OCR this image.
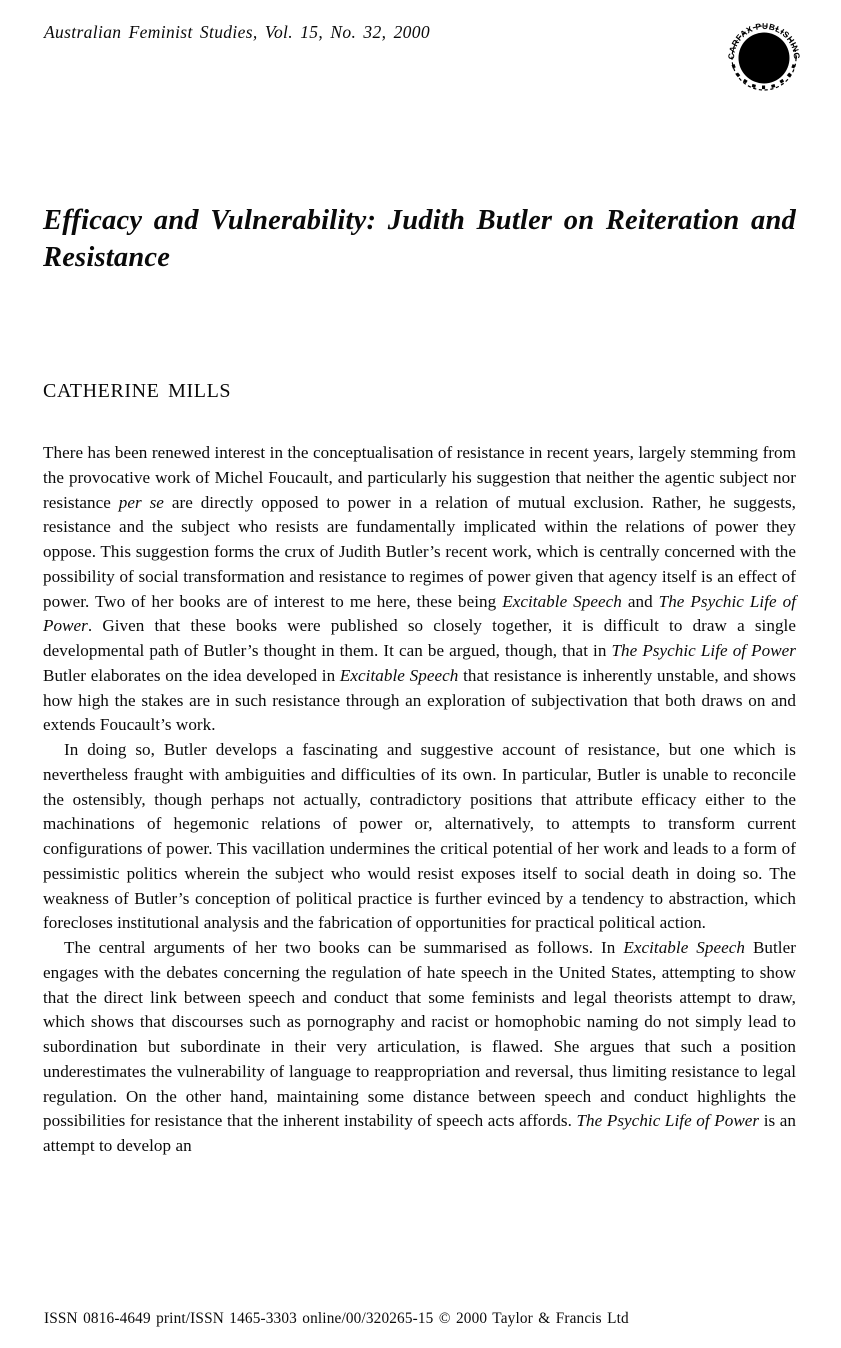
Australian Feminist Studies, Vol. 15, No. 32, 2000
CARFAX PUBLISHING
Efficacy and Vulnerability: Judith Butler on Reiteration and
Resistance
CATHERINE MILLS

There has been renewed interest in the conceptualisation of resistance in recent years, largely stemming from the provocative work of Michel Foucault, and particularly his suggestion that neither the agentic subject nor resistance per se are directly opposed to power in a relation of mutual exclusion. Rather, he suggests, resistance and the subject who resists are fundamentally implicated within the relations of power they oppose. This suggestion forms the crux of Judith Butler’s recent work, which is centrally concerned with the possibility of social transformation and resistance to regimes of power given that agency itself is an effect of power. Two of her books are of interest to me here, these being Excitable Speech and The Psychic Life of Power. Given that these books were published so closely together, it is difficult to draw a single developmental path of Butler’s thought in them. It can be argued, though, that in The Psychic Life of Power Butler elaborates on the idea developed in Excitable Speech that resistance is inherently unstable, and shows how high the stakes are in such resistance through an exploration of subjectivation that both draws on and extends Foucault’s work.

In doing so, Butler develops a fascinating and suggestive account of resistance, but one which is nevertheless fraught with ambiguities and difficulties of its own. In particular, Butler is unable to reconcile the ostensibly, though perhaps not actually, contradictory positions that attribute efficacy either to the machinations of hegemonic relations of power or, alternatively, to attempts to transform current configurations of power. This vacillation undermines the critical potential of her work and leads to a form of pessimistic politics wherein the subject who would resist exposes itself to social death in doing so. The weakness of Butler’s conception of political practice is further evinced by a tendency to abstraction, which forecloses institutional analysis and the fabrication of opportunities for practical political action.

The central arguments of her two books can be summarised as follows. In Excitable Speech Butler engages with the debates concerning the regulation of hate speech in the United States, attempting to show that the direct link between speech and conduct that some feminists and legal theorists attempt to draw, which shows that discourses such as pornography and racist or homophobic naming do not simply lead to subordination but subordinate in their very articulation, is flawed. She argues that such a position underestimates the vulnerability of language to reappropriation and reversal, thus limiting resistance to legal regulation. On the other hand, maintaining some distance between speech and conduct highlights the possibilities for resistance that the inherent instability of speech acts affords. The Psychic Life of Power is an attempt to develop an

ISSN 0816-4649 print/ISSN 1465-3303 online/00/320265-15 © 2000 Taylor & Francis Ltd
